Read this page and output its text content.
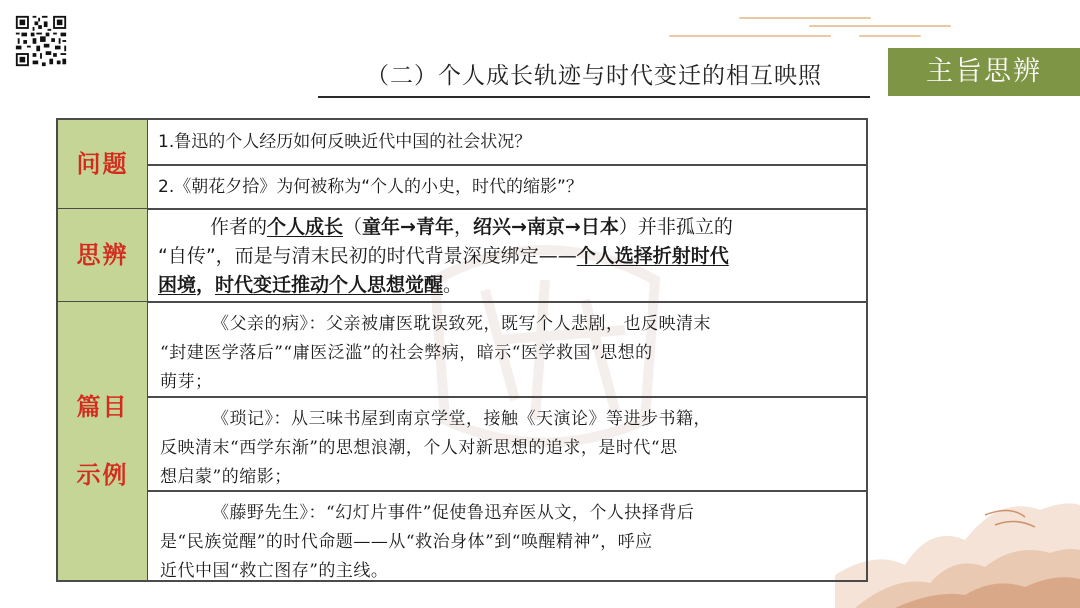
（二）个人成长轨迹与时代变迁的相互映照	主旨思辨
问题
1.鲁迅的个人经历如何反映近代中国的社会状况？
2.《朝花夕拾》为何被称为“个人的小史，时代的缩影”？
思辨
作者的个人成长（童年→青年，绍兴→南京→日本）并非孤立的
“自传”，而是与清末民初的时代背景深度绑定——个人选择折射时代
困境，时代变迁推动个人思想觉醒。
篇目

示例
《父亲的病》：父亲被庸医耽误致死，既写个人悲剧，也反映清末
“封建医学落后”“庸医泛滥”的社会弊病，暗示“医学救国”思想的
萌芽；
《琐记》：从三味书屋到南京学堂，接触《天演论》等进步书籍，
反映清末“西学东渐”的思想浪潮，个人对新思想的追求，是时代“思
想启蒙”的缩影；
《藤野先生》：“幻灯片事件”促使鲁迅弃医从文，个人抉择背后
是“民族觉醒”的时代命题——从“救治身体”到“唤醒精神”，呼应
近代中国“救亡图存”的主线。
